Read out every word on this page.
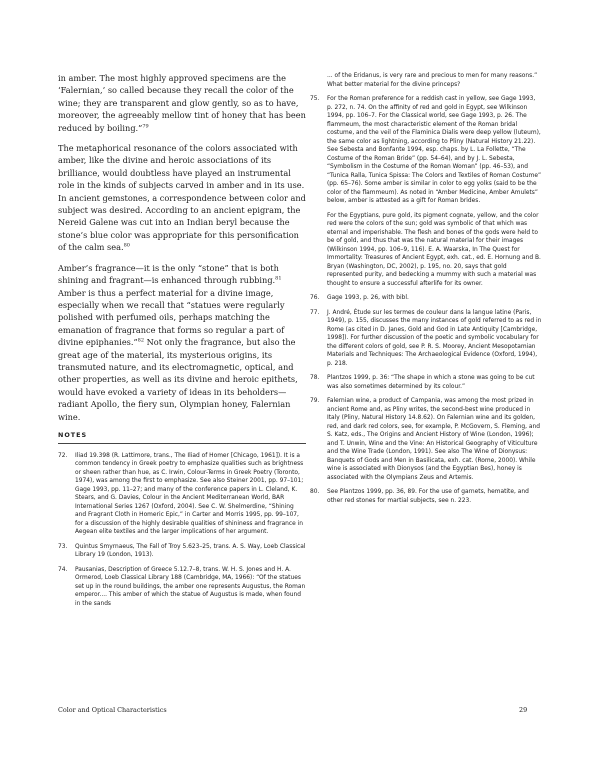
in amber. The most highly approved specimens are the ‘Falernian,’ so called because they recall the color of the wine; they are transparent and glow gently, so as to have, moreover, the agreeably mellow tint of honey that has been reduced by boiling.”$^{79}$

The metaphorical resonance of the colors associated with amber, like the divine and heroic associations of its brilliance, would doubtless have played an instrumental role in the kinds of subjects carved in amber and in its use. In ancient gemstones, a correspondence between color and subject was desired. According to an ancient epigram, the Nereid Galene was cut into an Indian beryl because the stone’s blue color was appropriate for this personification of the calm sea.$^{80}$

Amber’s fragrance—it is the only “stone” that is both shining and fragrant—is enhanced through rubbing.$^{81}$ Amber is thus a perfect material for a divine image, especially when we recall that “statues were regularly polished with perfumed oils, perhaps matching the emanation of fragrance that forms so regular a part of divine epiphanies.”$^{82}$ Not only the fragrance, but also the great age of the material, its mysterious origins, its transmuted nature, and its electromagnetic, optical, and other properties, as well as its divine and heroic epithets, would have evoked a variety of ideas in its beholders—radiant Apollo, the fiery sun, Olympian honey, Falernian wine.

NOTES
72. Iliad 19.398 (R. Lattimore, trans., The Iliad of Homer [Chicago, 1961]). It is a common tendency in Greek poetry to emphasize qualities such as brightness or sheen rather than hue, as C. Irwin, Colour-Terms in Greek Poetry (Toronto, 1974), was among the first to emphasize. See also Steiner 2001, pp. 97–101; Gage 1993, pp. 11–27; and many of the conference papers in L. Cleland, K. Stears, and G. Davies, Colour in the Ancient Mediterranean World, BAR International Series 1267 (Oxford, 2004). See C. W. Shelmerdine, “Shining and Fragrant Cloth in Homeric Epic,” in Carter and Morris 1995, pp. 99–107, for a discussion of the highly desirable qualities of shininess and fragrance in Aegean elite textiles and the larger implications of her argument.
73. Quintus Smyrnaeus, The Fall of Troy 5.623–25, trans. A. S. Way, Loeb Classical Library 19 (London, 1913).
74. Pausanias, Description of Greece 5.12.7–8, trans. W. H. S. Jones and H. A. Ormerod, Loeb Classical Library 188 (Cambridge, MA, 1966): “Of the statues set up in the round buildings, the amber one represents Augustus, the Roman emperor.... This amber of which the statue of Augustus is made, when found in the sands

... of the Eridanus, is very rare and precious to men for many reasons.” What better material for the divine princeps?

75. For the Roman preference for a reddish cast in yellow, see Gage 1993, p. 272, n. 74. On the affinity of red and gold in Egypt, see Wilkinson 1994, pp. 106–7. For the Classical world, see Gage 1993, p. 26. The flammeum, the most characteristic element of the Roman bridal costume, and the veil of the Flaminica Dialis were deep yellow (luteum), the same color as lightning, according to Pliny (Natural History 21.22). See Sebesta and Bonfante 1994, esp. chaps. by L. La Follette, “The Costume of the Roman Bride” (pp. 54–64), and by J. L. Sebesta, “Symbolism in the Costume of the Roman Woman” (pp. 46–53), and “Tunica Ralla, Tunica Spissa: The Colors and Textiles of Roman Costume” (pp. 65–76). Some amber is similar in color to egg yolks (said to be the color of the flammeum). As noted in “Amber Medicine, Amber Amulets” below, amber is attested as a gift for Roman brides.

For the Egyptians, pure gold, its pigment cognate, yellow, and the color red were the colors of the sun; gold was symbolic of that which was eternal and imperishable. The flesh and bones of the gods were held to be of gold, and thus that was the natural material for their images (Wilkinson 1994, pp. 106–9, 116). E. A. Waarska, In The Quest for Immortality: Treasures of Ancient Egypt, exh. cat., ed. E. Hornung and B. Bryan (Washington, DC, 2002), p. 195, no. 20, says that gold represented purity, and bedecking a mummy with such a material was thought to ensure a successful afterlife for its owner.

76. Gage 1993, p. 26, with bibl.
77. J. André, Étude sur les termes de couleur dans la langue latine (Paris, 1949), p. 155, discusses the many instances of gold referred to as red in Rome (as cited in D. Janes, Gold and God in Late Antiquity [Cambridge, 1998]). For further discussion of the poetic and symbolic vocabulary for the different colors of gold, see P. R. S. Moorey, Ancient Mesopotamian Materials and Techniques: The Archaeological Evidence (Oxford, 1994), p. 218.
78. Plantzos 1999, p. 36: “The shape in which a stone was going to be cut was also sometimes determined by its colour.”
79. Falernian wine, a product of Campania, was among the most prized in ancient Rome and, as Pliny writes, the second-best wine produced in Italy (Pliny, Natural History 14.8.62). On Falernian wine and its golden, red, and dark red colors, see, for example, P. McGovern, S. Fleming, and S. Katz, eds., The Origins and Ancient History of Wine (London, 1996); and T. Unwin, Wine and the Vine: An Historical Geography of Viticulture and the Wine Trade (London, 1991). See also The Wine of Dionysus: Banquets of Gods and Men in Basilicata, exh. cat. (Rome, 2000). While wine is associated with Dionysos (and the Egyptian Bes), honey is associated with the Olympians Zeus and Artemis.
80. See Plantzos 1999, pp. 36, 89. For the use of garnets, hematite, and other red stones for martial subjects, see n. 223.
Color and Optical Characteristics	29
